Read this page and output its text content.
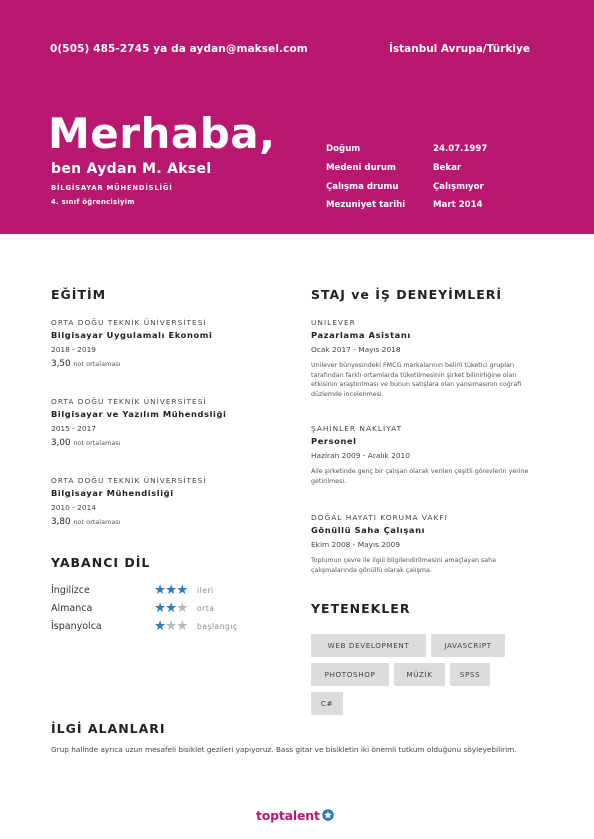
0(505) 485-2745 ya da aydan@maksel.com	İstanbul Avrupa/Türkiye
Merhaba,
ben Aydan M. Aksel
BİLGİSAYAR MÜHENDİSLİĞİ
4. sınıf öğrencisiyim
Doğum	24.07.1997
Medeni durum	Bekar
Çalışma drumu	Çalışmıyor
Mezuniyet tarihi	Mart 2014
EĞİTİM
ORTA DOĞU TEKNİK ÜNİVERSİTESİ
Bilgisayar Uygulamalı Ekonomi
2018 - 2019
3,50 not ortalaması
ORTA DOĞU TEKNİK ÜNİVERSİTESİ
Bilgisayar ve Yazılım Mühendsliği
2015 - 2017
3,00 not ortalaması
ORTA DOĞU TEKNİK ÜNİVERSİTESİ
Bilgisayar Mühendisliği
2010 - 2014
3,80 not ortalaması
YABANCI DİL
İngilizce	★★★	ileri
Almanca	★★★	orta
İspanyolca	★★★	başlangıç
STAJ ve İŞ DENEYİMLERİ
UNILEVER
Pazarlama Asistanı
Ocak 2017 - Mayıs 2018
Unilever bünyesindeki FMCG markalarının belirli tüketici grupları tarafından farklı ortamlarda tüketilmesinin şirket bilinirliğine olan etkisinin araştırılması ve bunun satışlara olan yansımasının coğrafi düzlemde incelenmesi.
ŞAHİNLER NAKLİYAT
Personel
Haziran 2009 - Aralık 2010
Aile şirketinde genç bir çalışan olarak verilen çeşitli görevlerin yerine getirilmesi.
DOĞAL HAYATI KORUMA VAKFI
Gönüllü Saha Çalışanı
Ekim 2008 - Mayıs 2009
Toplumun çevre ile ilgili bilgilendirilmesini amaçlayan saha çalışmalarında gönüllü olarak çalışma.
YETENEKLER
WEB DEVELOPMENT	JAVASCRIPT
PHOTOSHOP	MÜZİK	SPSS
C#
İLGİ ALANLARI
Grup halinde ayrıca uzun mesafeli bisiklet gezileri yapıyoruz. Bass gitar ve bisikletin iki önemli tutkum olduğunu söyleyebilirim.
toptalent
